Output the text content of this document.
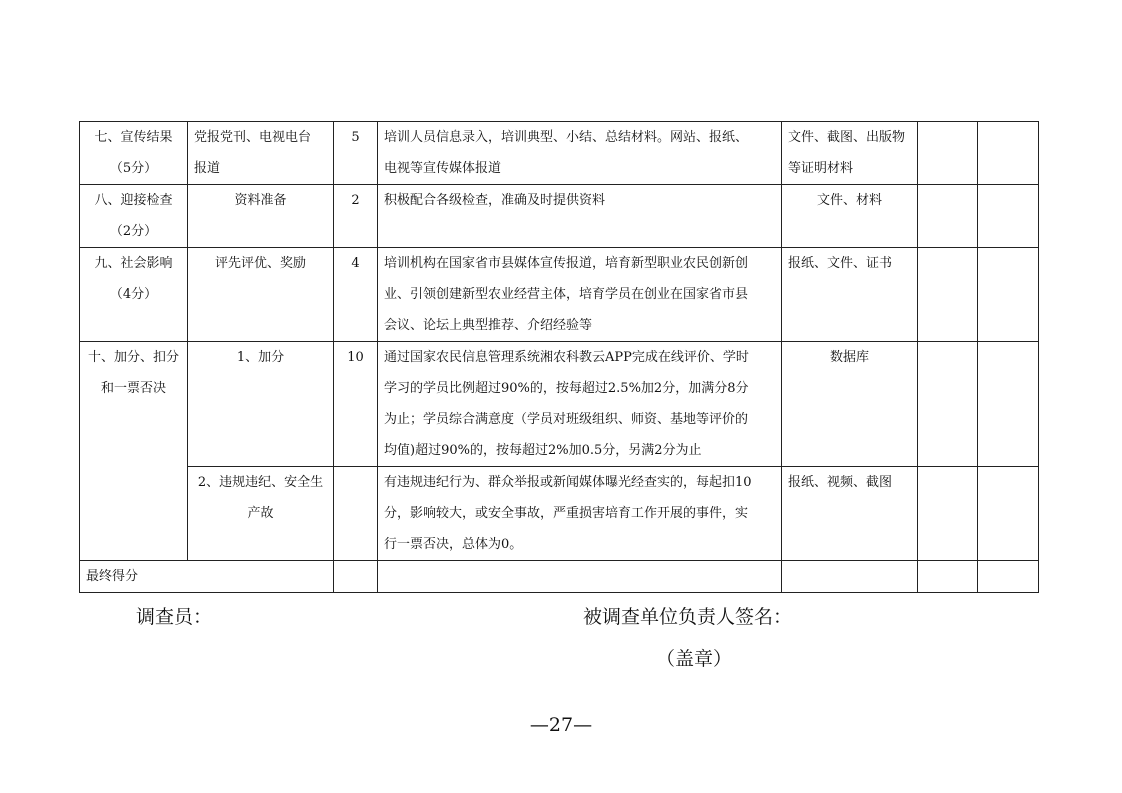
七、宣传结果
（5分）	党报党刊、电视电台
报道	5	培训人员信息录入，培训典型、小结、总结材料。网站、报纸、
电视等宣传媒体报道	文件、截图、出版物
等证明材料		

八、迎接检查
（2分）	资料准备	2	积极配合各级检查，准确及时提供资料	文件、材料		

九、社会影响
（4分）	评先评优、奖励	4	培训机构在国家省市县媒体宣传报道，培育新型职业农民创新创
业、引领创建新型农业经营主体，培育学员在创业在国家省市县
会议、论坛上典型推荐、介绍经验等	报纸、文件、证书		

十、加分、扣分
和一票否决	1、加分	10	通过国家农民信息管理系统湘农科教云APP完成在线评价、学时
学习的学员比例超过90%的，按每超过2.5%加2分，加满分8分
为止；学员综合满意度（学员对班级组织、师资、基地等评价的
均值)超过90%的，按每超过2%加0.5分，另满2分为止	数据库		

	2、违规违纪、安全生
产故		有违规违纪行为、群众举报或新闻媒体曝光经查实的，每起扣10
分，影响较大，或安全事故，严重损害培育工作开展的事件，实
行一票否决，总体为0。	报纸、视频、截图		

最终得分						
调查员：	被调查单位负责人签名：
（盖章）
—27—
